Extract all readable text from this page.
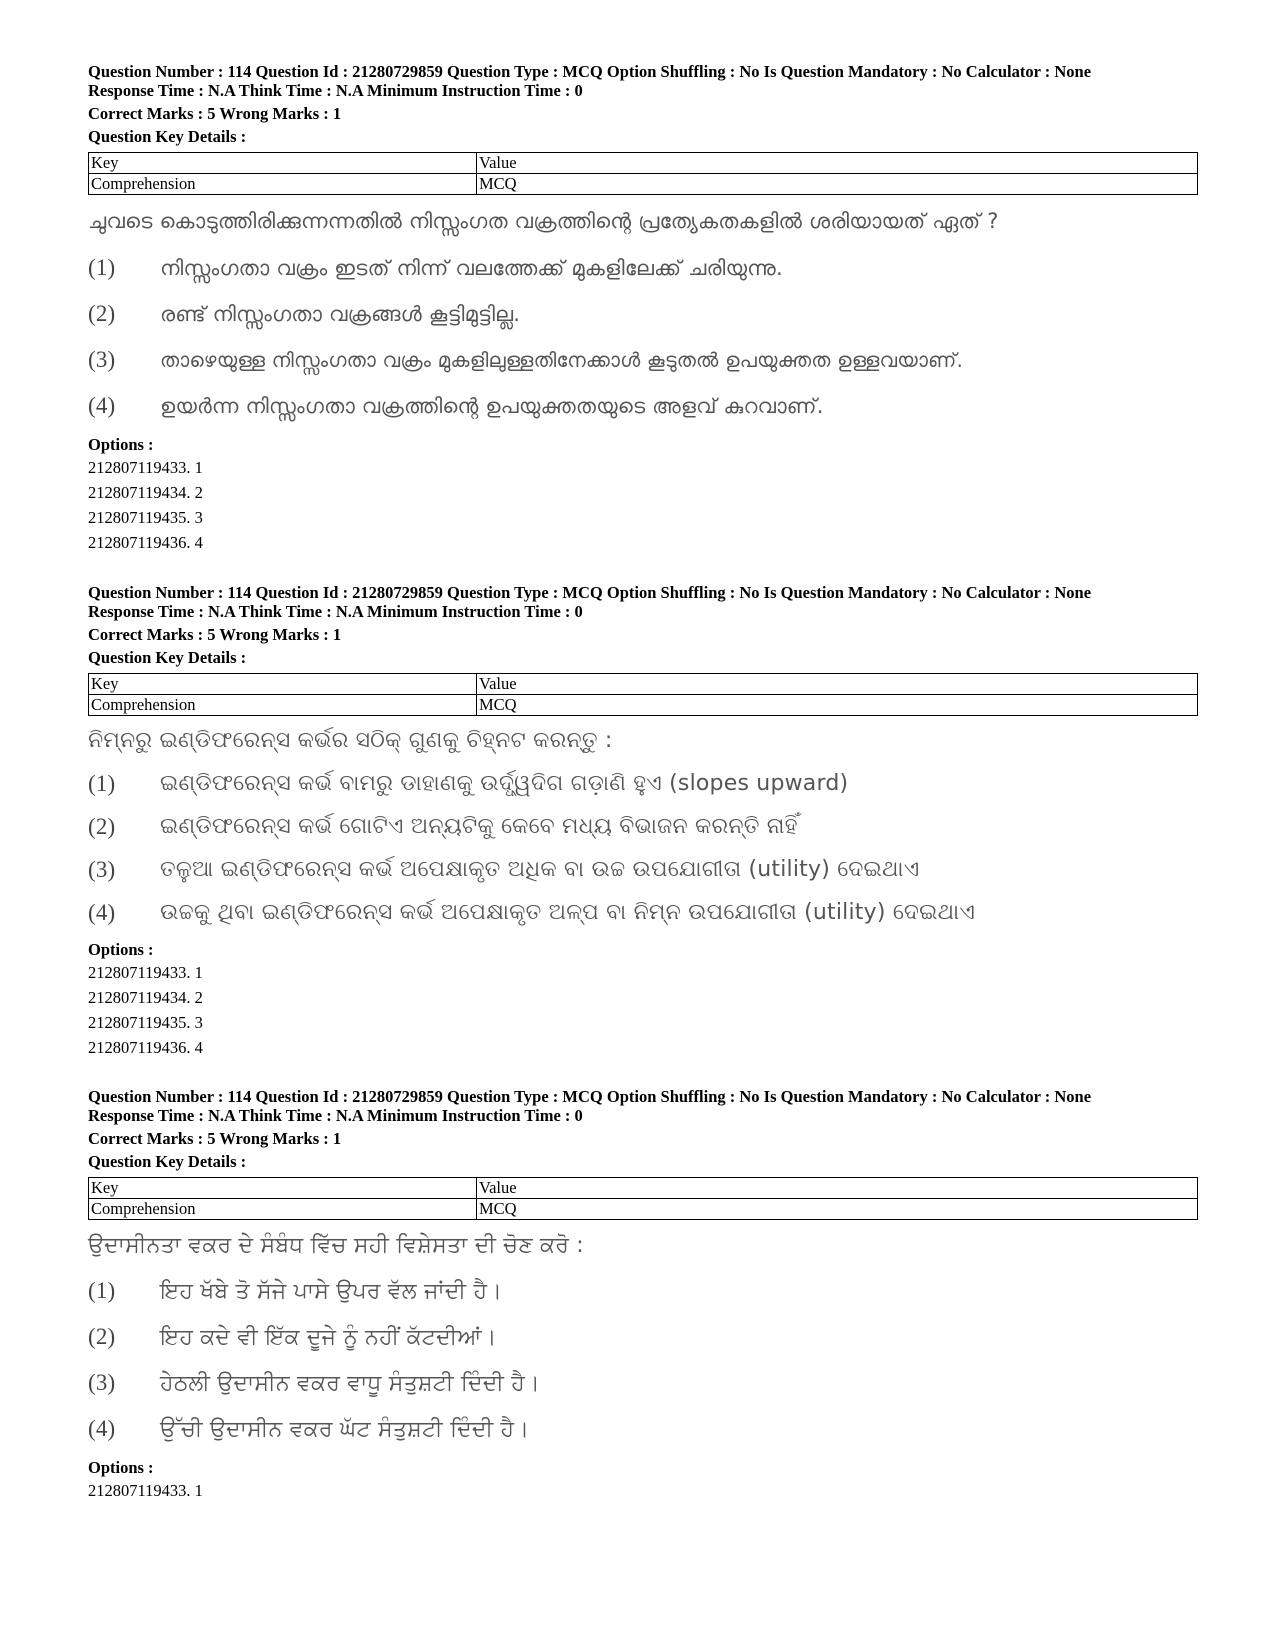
Question Number : 114 Question Id : 21280729859 Question Type : MCQ Option Shuffling : No Is Question Mandatory : No Calculator : None

Response Time : N.A Think Time : N.A Minimum Instruction Time : 0

Correct Marks : 5 Wrong Marks : 1

Question Key Details :

Key	Value
Comprehension	MCQ
ചുവടെ കൊടുത്തിരിക്കുന്നന്നതിൽ നിസ്സംഗത വക്രത്തിന്റെ പ്രത്യേകതകളിൽ ശരിയായത് ഏത് ?
(1)	നിസ്സംഗതാ വക്രം ഇടത് നിന്ന് വലത്തേക്ക് മുകളിലേക്ക് ചരിയുന്നു.
(2)	രണ്ട് നിസ്സംഗതാ വക്രങ്ങൾ കൂട്ടിമുട്ടില്ല.
(3)	താഴെയുള്ള നിസ്സംഗതാ വക്രം മുകളിലുള്ളതിനേക്കാൾ കൂടുതൽ ഉപയുക്തത ഉള്ളവയാണ്.
(4)	ഉയർന്ന നിസ്സംഗതാ വക്രത്തിന്റെ ഉപയുക്തതയുടെ അളവ് കുറവാണ്.
Options :
212807119433. 1
212807119434. 2
212807119435. 3
212807119436. 4

Question Number : 114 Question Id : 21280729859 Question Type : MCQ Option Shuffling : No Is Question Mandatory : No Calculator : None

Response Time : N.A Think Time : N.A Minimum Instruction Time : 0

Correct Marks : 5 Wrong Marks : 1

Question Key Details :

Key	Value
Comprehension	MCQ
ନିମ୍ନରୁ ଇଣ୍ଡିଫରେନ୍ସ କର୍ଭର ସଠିକ୍ ଗୁଣକୁ ଚିହ୍ନଟ କରନ୍ତୁ :
(1)	ଇଣ୍ଡିଫରେନ୍ସ କର୍ଭ ବାମରୁ ଡାହାଣକୁ ଉର୍ଦ୍ଧ୍ୱଦିଗ ଗଡ଼ାଣି ହୁଏ (slopes upward)
(2)	ଇଣ୍ଡିଫରେନ୍ସ କର୍ଭ ଗୋଟିଏ ଅନ୍ୟଟିକୁ କେବେ ମଧ୍ୟ ବିଭାଜନ କରନ୍ତି ନାହିଁ
(3)	ତଳୁଆ ଇଣ୍ଡିଫରେନ୍ସ କର୍ଭ ଅପେକ୍ଷାକୃତ ଅଧିକ ବା ଉଚ୍ଚ ଉପଯୋଗୀତା (utility) ଦେଇଥାଏ
(4)	ଉଚ୍ଚକୁ ଥିବା ଇଣ୍ଡିଫରେନ୍ସ କର୍ଭ ଅପେକ୍ଷାକୃତ ଅଳ୍ପ ବା ନିମ୍ନ ଉପଯୋଗୀତା (utility) ଦେଇଥାଏ
Options :
212807119433. 1
212807119434. 2
212807119435. 3
212807119436. 4

Question Number : 114 Question Id : 21280729859 Question Type : MCQ Option Shuffling : No Is Question Mandatory : No Calculator : None

Response Time : N.A Think Time : N.A Minimum Instruction Time : 0

Correct Marks : 5 Wrong Marks : 1

Question Key Details :

Key	Value
Comprehension	MCQ
ਉਦਾਸੀਨਤਾ ਵਕਰ ਦੇ ਸੰਬੰਧ ਵਿੱਚ ਸਹੀ ਵਿਸ਼ੇਸਤਾ ਦੀ ਚੋਣ ਕਰੋ :
(1)	ਇਹ ਖੱਬੇ ਤੋ ਸੱਜੇ ਪਾਸੇ ਉਪਰ ਵੱਲ ਜਾਂਦੀ ਹੈ।
(2)	ਇਹ ਕਦੇ ਵੀ ਇੱਕ ਦੂਜੇ ਨੂੰ ਨਹੀਂ ਕੱਟਦੀਆਂ।
(3)	ਹੇਠਲੀ ਉਦਾਸੀਨ ਵਕਰ ਵਾਧੂ ਸੰਤੁਸ਼ਟੀ ਦਿੰਦੀ ਹੈ।
(4)	ਉੱਚੀ ਉਦਾਸੀਨ ਵਕਰ ਘੱਟ ਸੰਤੁਸ਼ਟੀ ਦਿੰਦੀ ਹੈ।
Options :
212807119433. 1
